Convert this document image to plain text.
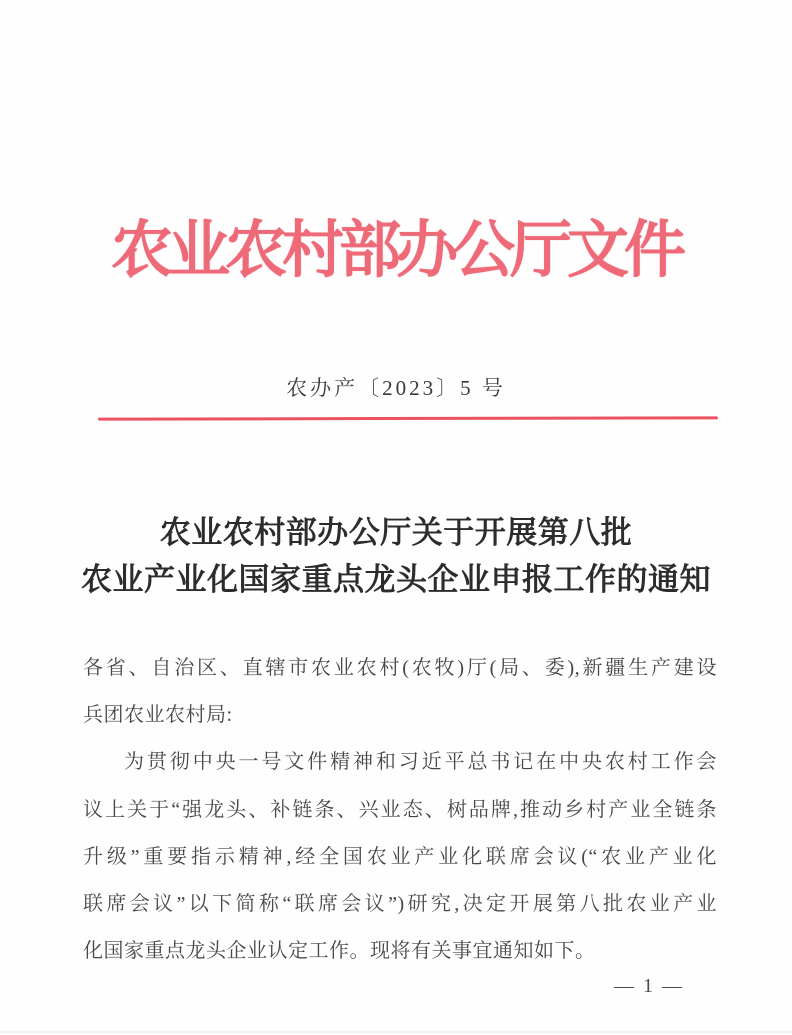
农业农村部办公厅文件
农办产〔2023〕5 号
农业农村部办公厅关于开展第八批
农业产业化国家重点龙头企业申报工作的通知
各省、自治区、直辖市农业农村(农牧)厅(局、委),新疆生产建设
兵团农业农村局:
为贯彻中央一号文件精神和习近平总书记在中央农村工作会
议上关于“强龙头、补链条、兴业态、树品牌,推动乡村产业全链条
升级”重要指示精神,经全国农业产业化联席会议(“农业产业化
联席会议”以下简称“联席会议”)研究,决定开展第八批农业产业
化国家重点龙头企业认定工作。现将有关事宜通知如下。
— 1 —
